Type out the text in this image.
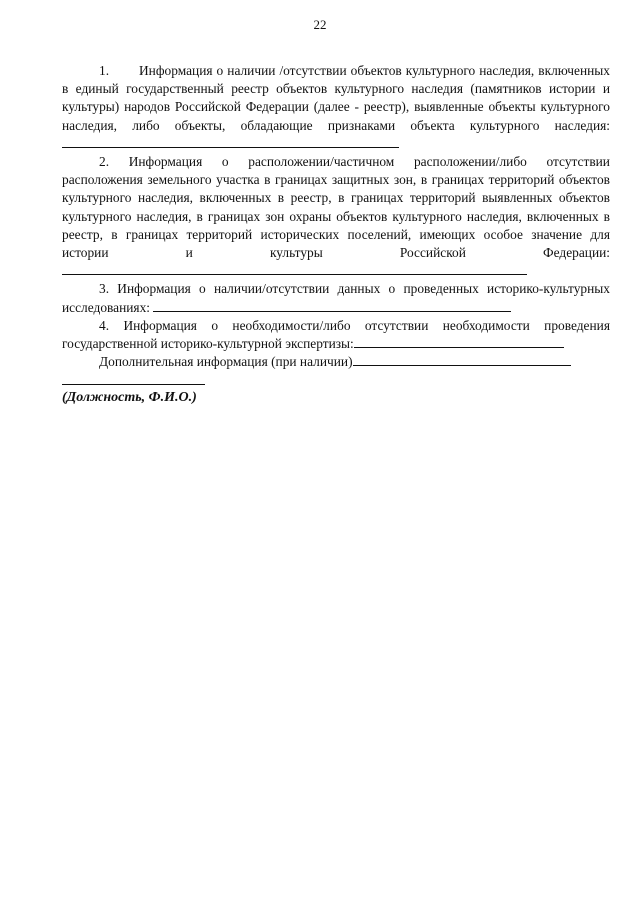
22

1. Информация о наличии /отсутствии объектов культурного наследия, включенных в единый государственный реестр объектов культурного наследия (памятников истории и культуры) народов Российской Федерации (далее - реестр), выявленные объекты культурного наследия, либо объекты, обладающие признаками объекта культурного наследия:

2. Информация о расположении/частичном расположении/либо отсутствии расположения земельного участка в границах защитных зон, в границах территорий объектов культурного наследия, включенных в реестр, в границах территорий выявленных объектов культурного наследия, в границах зон охраны объектов культурного наследия, включенных в реестр, в границах территорий исторических поселений, имеющих особое значение для истории и культуры Российской Федерации:

3. Информация о наличии/отсутствии данных о проведенных историко-культурных исследованиях:

4. Информация о необходимости/либо отсутствии необходимости проведения государственной историко-культурной экспертизы:

Дополнительная информация (при наличии)

(Должность, Ф.И.О.)
